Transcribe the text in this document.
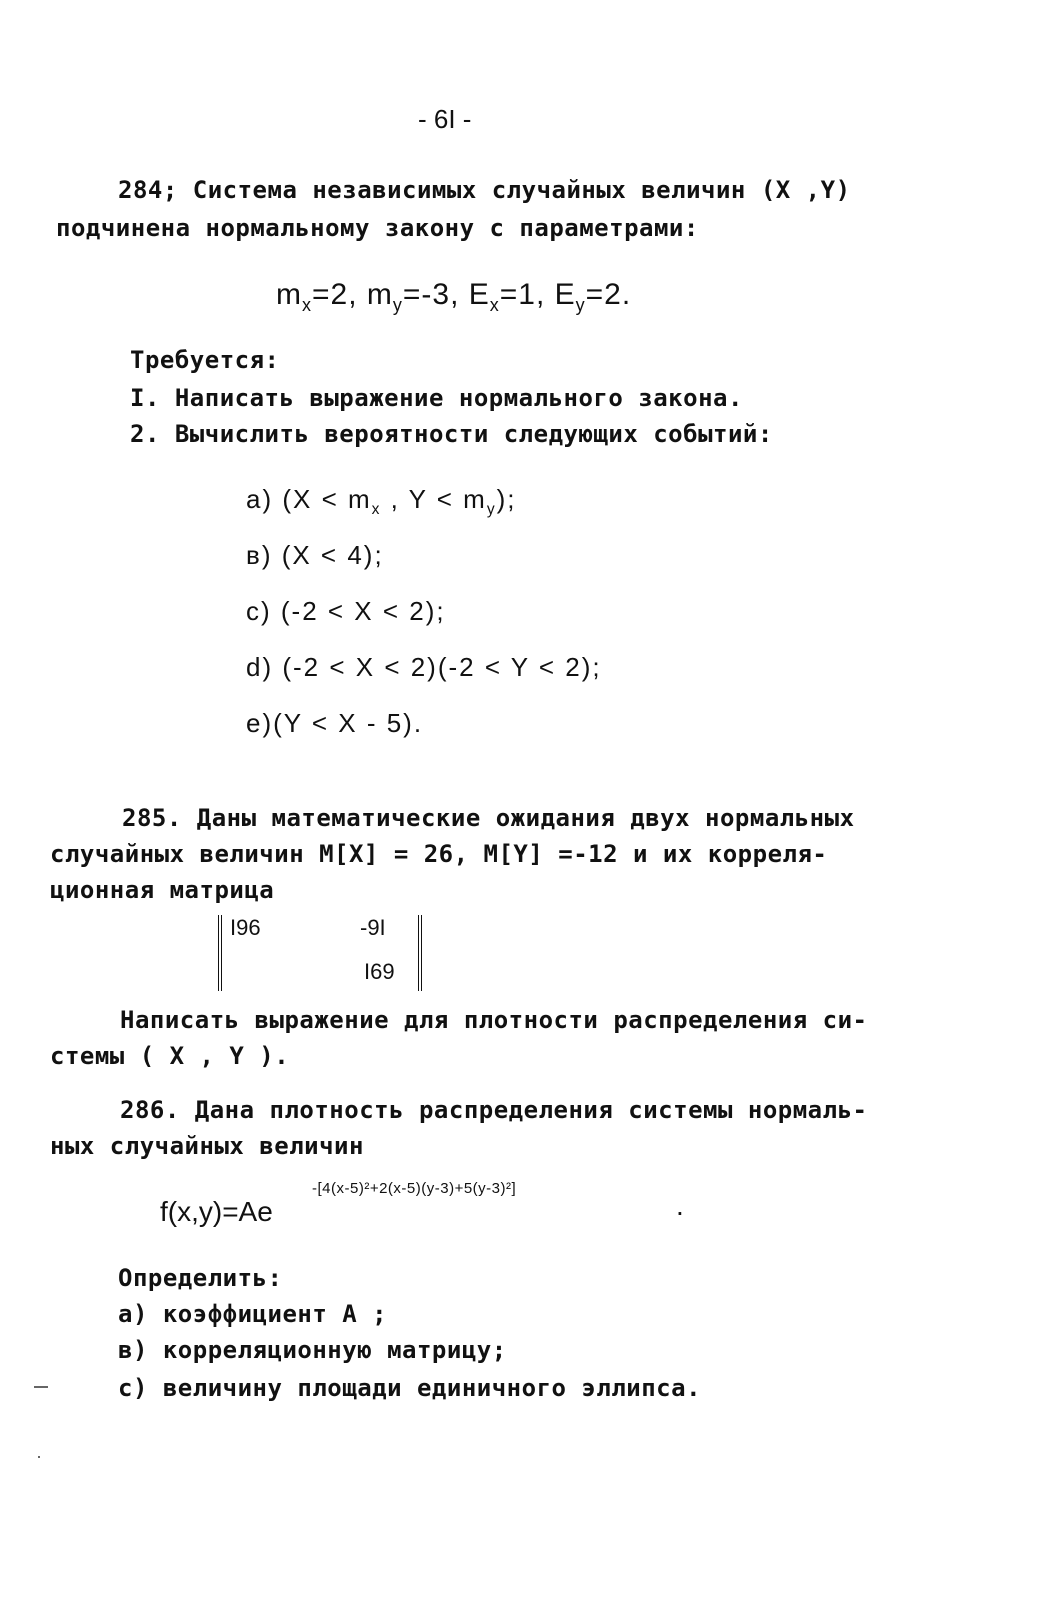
- 6I -
284; Система независимых случайных величин (X ,Y)
подчинена нормальному закону с параметрами:
$m_x=2$, $m_y=-3$, $E_x=1$, $E_y=2$.
Требуется:
I. Написать выражение нормального закона.
2. Вычислить вероятности следующих событий:
a) ($X < m_x$ , $Y < m_y$);
в) (X < 4);
c) (-2 < X < 2);
d) (-2 < X < 2)(-2 < Y < 2);
e)(Y < X - 5).
285. Даны математические ожидания двух нормальных
случайных величин M[X] = 26, M[Y] =-12 и их корреля-
ционная матрица
I96	-9I
I69
Написать выражение для плотности распределения си-
стемы ( X , Y ).
286. Дана плотность распределения системы нормаль-
ных случайных величин
f(x,y)=Ae
-[4(x-5)²+2(x-5)(y-3)+5(y-3)²]
.
Определить:
a) коэффициент A ;
в) корреляционную матрицу;
c) величину площади единичного эллипса.
